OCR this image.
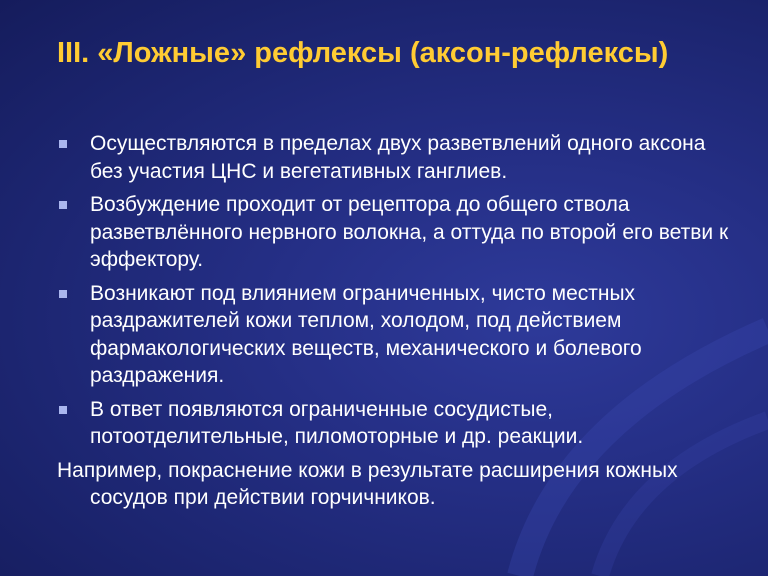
III. «Ложные» рефлексы (аксон-рефлексы)
Осуществляются в пределах двух разветвлений одного аксона без участия ЦНС и вегетативных ганглиев.
Возбуждение проходит от рецептора до общего ствола разветвлённого нервного волокна, а оттуда по второй его ветви к эффектору.
Возникают под влиянием ограниченных, чисто местных раздражителей кожи теплом, холодом, под действием фармакологических веществ, механического и болевого раздражения.
В ответ появляются ограниченные сосудистые, потоотделительные, пиломоторные и др. реакции.

Например, покраснение кожи в результате расширения кожных сосудов при действии горчичников.
